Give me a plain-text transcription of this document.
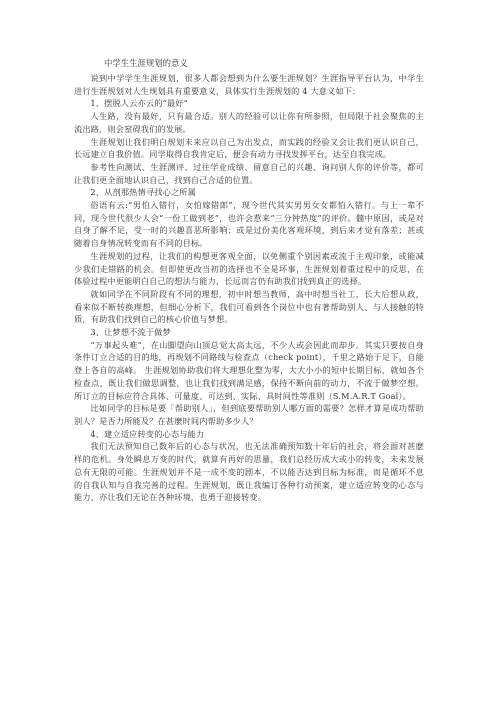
中学生生涯规划的意义

说到中学学生生涯规划，很多人都会想到为什么要生涯规划？生涯指导平台认为，中学生进行生涯规划对人生规划具有重要意义，具体实行生涯规划的 4 大意义如下：

1、摆脱人云亦云的“最好”

人生路，没有最好，只有最合适。别人的经验可以让你有所参照，但局限于社会聚焦的主流出路，则会窒碍我们的发展。

生涯规划让我们明白规划未来应以自己为出发点，而实践的经验又会让我们更认识自己，长远建立自我价值。同学取得自我肯定后，便会有动力寻找发挥平台，达至自我完成。

参考性向测试、生涯测评、过往学业成绩、留意自己的兴趣、询问别人你的评价等，都可让我们更全面地认识自己，找到自己合适的位置。

2、从剖那热情寻找心之所属

俗语有云:“男怕入错行，女怕嫁错郎”，现今世代其实男男女女都怕入错行。与上一辈不同，现今世代很少人会“一份工做到老”，也许会惹来“三分钟热度”的评价。髓中原因，或是对自身了解不足，受一时的兴趣喜恶所影响；或是过份美化客观环境，到后来才觉有落差；甚或随着自身情况转变而有不同的目标。

生涯规划的过程，让我们的构想更客观全面，以免侧重个别因素或流于主观印象，或能减少我们走错路的机会。但即使更改当初的选择也不全是坏事，生涯规划着重过程中的反思，在体验过程中更能明白自己的想法与能力，长远而言仍有助我们找到真正的选择。

就如同学在不同阶段有不同的理想，初中时想当教师，高中时想当社工，长大后想从政，看来似不断转换理想，但细心分析下，我们可看到各个岗位中也有著帮助别人、与人接触的特质，有助我们找到自己的核心价值与梦想。

3、让梦想不流于做梦

“万事起头难”，在山脚望向山顶总觉太高太远，不少人或会因此而却步。其实只要按自身条件订立合适的目的地，再规划不同路线与检查点（check point），千里之路始于足下，自能登上各自的高峰。 生涯规划协助我们将大理想化整为零，大大小小的短中长期目标，就如各个检查点，既让我们做思调整，也让我们找到满足感，保持不断向前的动力，不流于做梦空想。所订立的目标应符合具体、可量度、可达到、实际、具时间性等准则（S.M.A.R.T Goal）。

比如同学的目标是要「帮助别人」，但到底要帮助别人哪方面的需要？怎样才算是成功帮助别人？是否力所能及？在甚麼时间内帮助多少人？

4、建立适应转变的心态与能力

我们无法预知自己数年后的心态与状况，也无法准确预知数十年后的社会，将会面对甚麽样的危机。身处瞬息万变的时代，就算有再好的思量，我们总经历成大或小的转变，未来发展总有无限的可能。生涯规划并不是一成不变的剧本，不以能否达到目标为标准，而是循环不息的自我认知与自我完善的过程。生涯规划，既让我编订各种行动预案，建立适应转变的心态与能力，亦让我们无论在各种环境，也勇于迎接转变。
